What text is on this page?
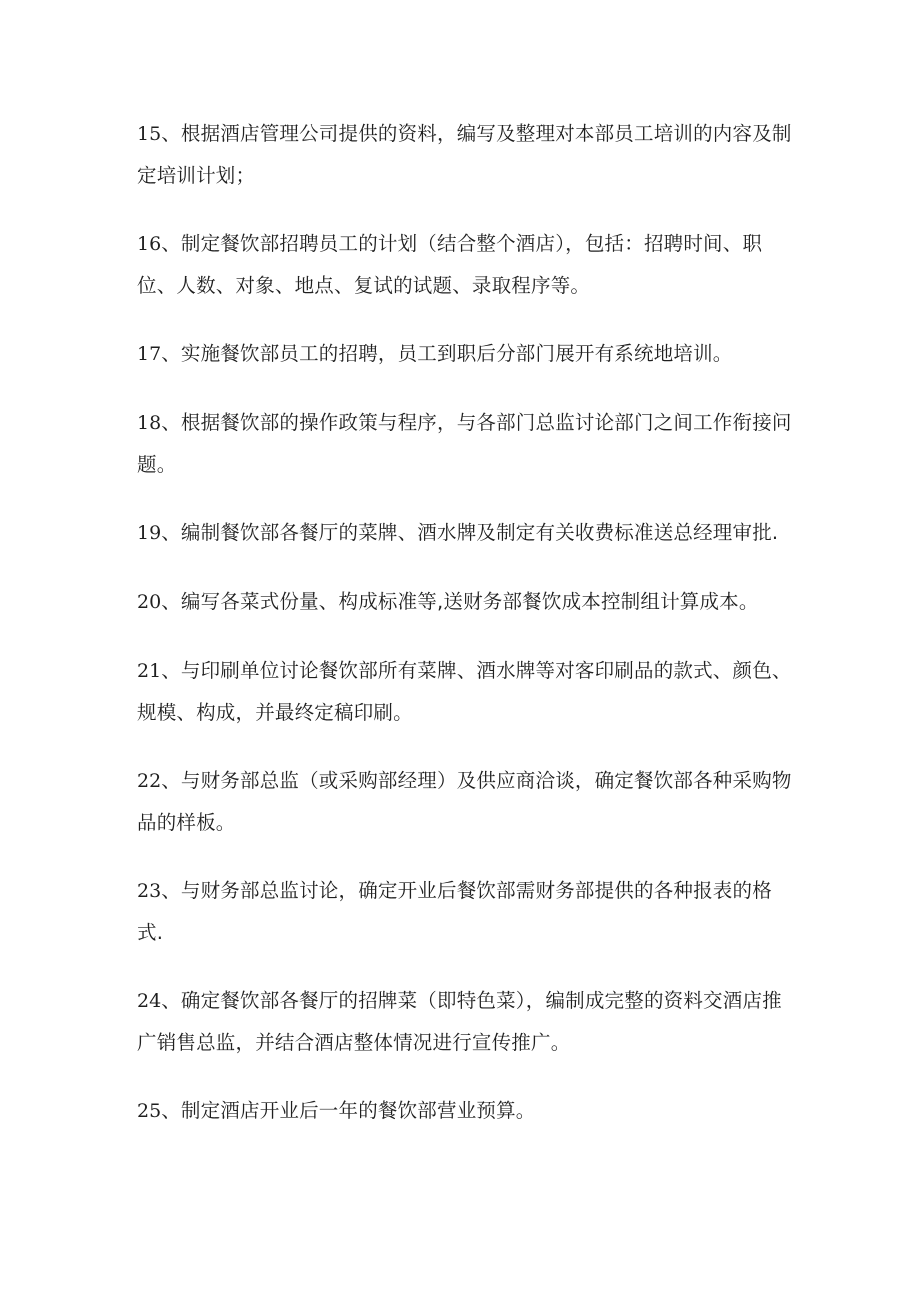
15、根据酒店管理公司提供的资料，编写及整理对本部员工培训的内容及制定培训计划；
16、制定餐饮部招聘员工的计划（结合整个酒店），包括：招聘时间、职位、人数、对象、地点、复试的试题、录取程序等。
17、实施餐饮部员工的招聘，员工到职后分部门展开有系统地培训。
18、根据餐饮部的操作政策与程序，与各部门总监讨论部门之间工作衔接问题。
19、编制餐饮部各餐厅的菜牌、酒水牌及制定有关收费标准送总经理审批.
20、编写各菜式份量、构成标准等,送财务部餐饮成本控制组计算成本。
21、与印刷单位讨论餐饮部所有菜牌、酒水牌等对客印刷品的款式、颜色、规模、构成，并最终定稿印刷。
22、与财务部总监（或采购部经理）及供应商洽谈，确定餐饮部各种采购物品的样板。
23、与财务部总监讨论，确定开业后餐饮部需财务部提供的各种报表的格式.
24、确定餐饮部各餐厅的招牌菜（即特色菜），编制成完整的资料交酒店推广销售总监，并结合酒店整体情况进行宣传推广。
25、制定酒店开业后一年的餐饮部营业预算。
